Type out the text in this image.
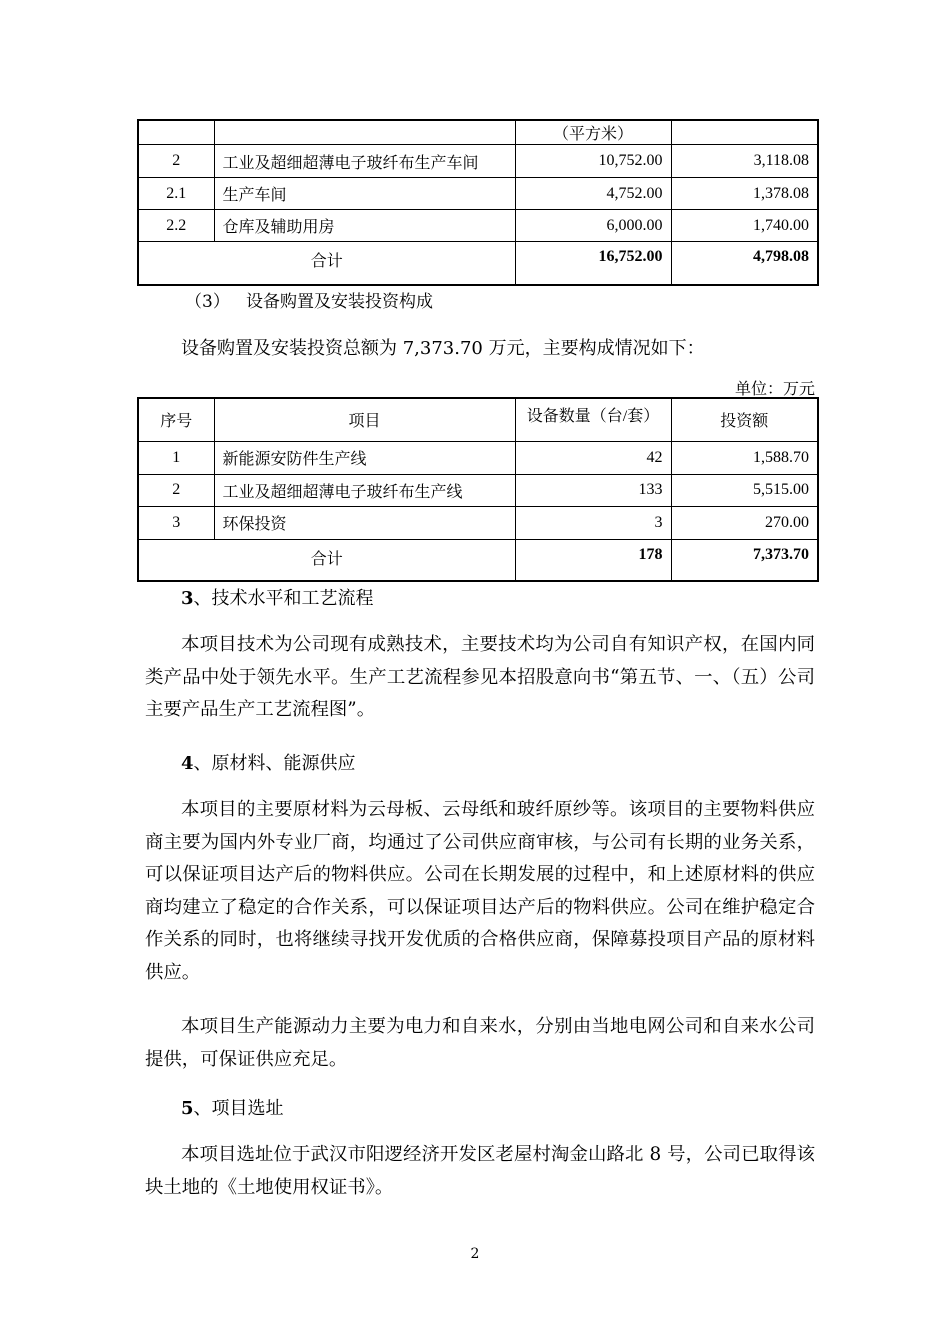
		（平方米）	
2	工业及超细超薄电子玻纤布生产车间	10,752.00	3,118.08
2.1	生产车间	4,752.00	1,378.08
2.2	仓库及辅助用房	6,000.00	1,740.00
合计		16,752.00	4,798.08
（3） 设备购置及安装投资构成
设备购置及安装投资总额为 7,373.70 万元，主要构成情况如下：
单位：万元
序号	项目	设备数量（台/套）	投资额
1	新能源安防件生产线	42	1,588.70
2	工业及超细超薄电子玻纤布生产线	133	5,515.00
3	环保投资	3	270.00
合计		178	7,373.70
3、技术水平和工艺流程
本项目技术为公司现有成熟技术，主要技术均为公司自有知识产权，在国内同类产品中处于领先水平。生产工艺流程参见本招股意向书“第五节、一、（五）公司主要产品生产工艺流程图”。
4、原材料、能源供应
本项目的主要原材料为云母板、云母纸和玻纤原纱等。该项目的主要物料供应商主要为国内外专业厂商，均通过了公司供应商审核，与公司有长期的业务关系，可以保证项目达产后的物料供应。公司在长期发展的过程中，和上述原材料的供应商均建立了稳定的合作关系，可以保证项目达产后的物料供应。公司在维护稳定合作关系的同时，也将继续寻找开发优质的合格供应商，保障募投项目产品的原材料供应。
本项目生产能源动力主要为电力和自来水，分别由当地电网公司和自来水公司提供，可保证供应充足。
5、项目选址
本项目选址位于武汉市阳逻经济开发区老屋村淘金山路北 8 号，公司已取得该块土地的《土地使用权证书》。
2
